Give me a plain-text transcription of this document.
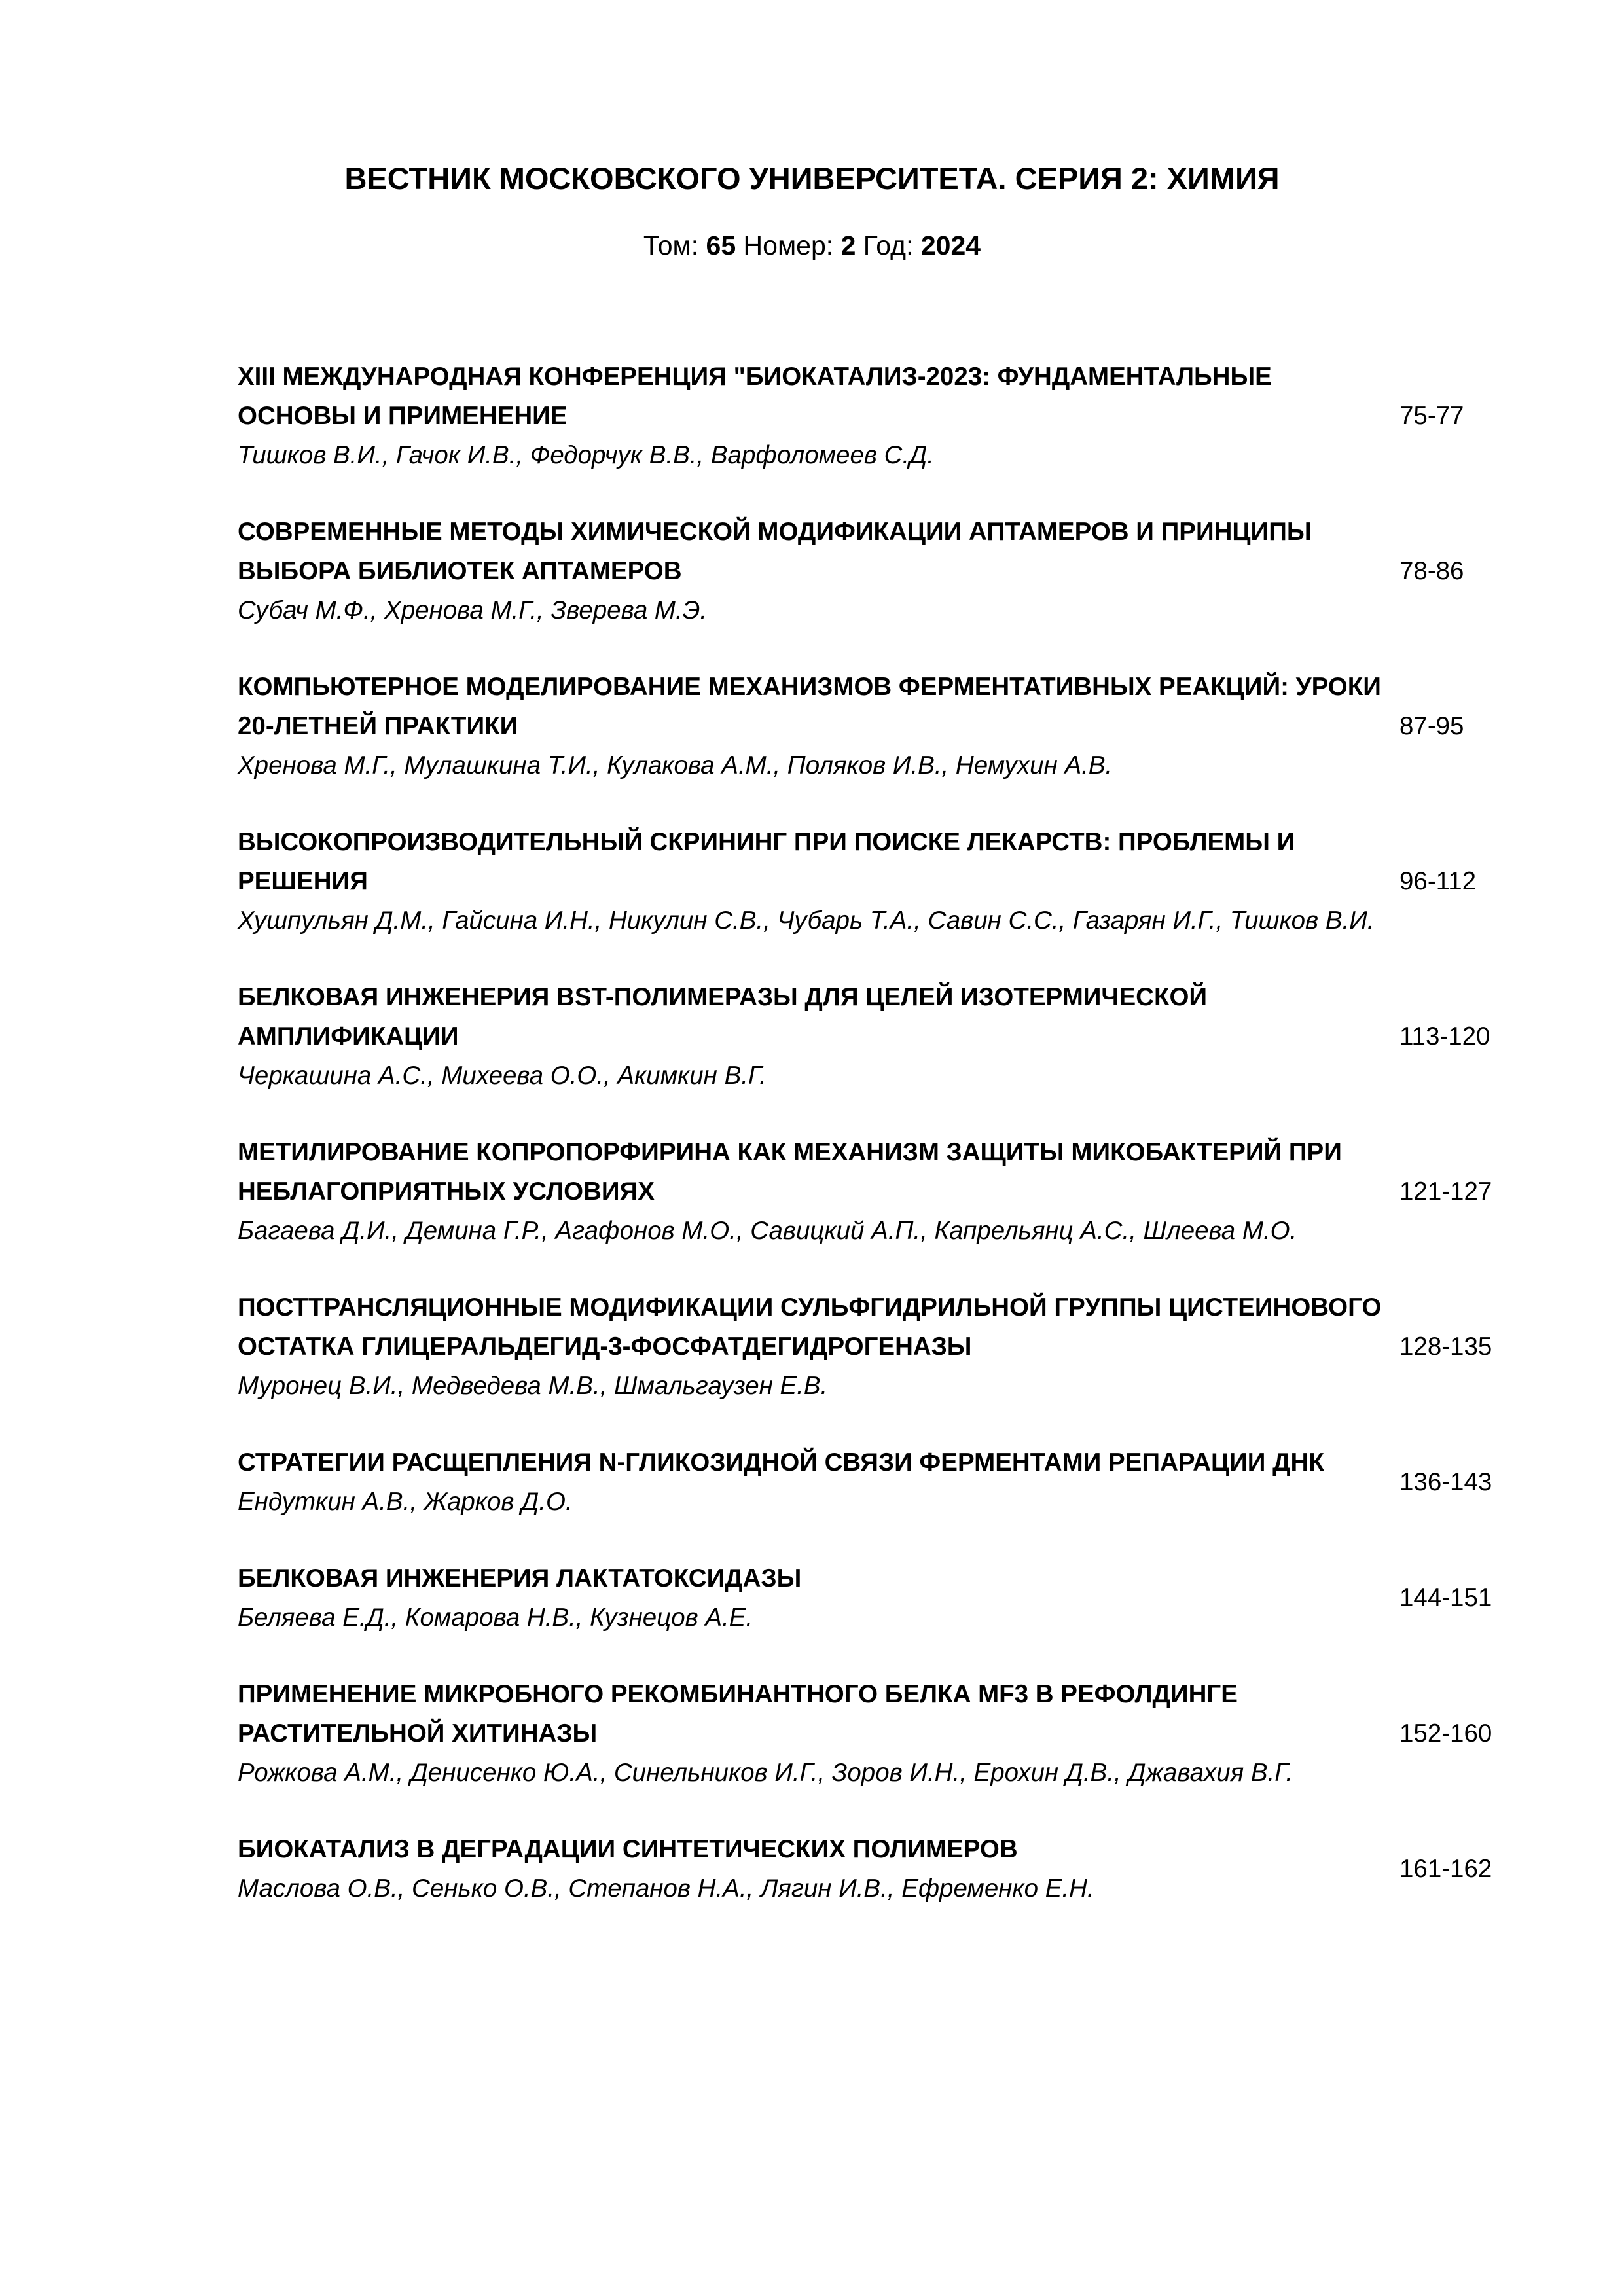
ВЕСТНИК МОСКОВСКОГО УНИВЕРСИТЕТА. СЕРИЯ 2: ХИМИЯ
Том: 65 Номер: 2 Год: 2024
XIII МЕЖДУНАРОДНАЯ КОНФЕРЕНЦИЯ "БИОКАТАЛИЗ-2023: ФУНДАМЕНТАЛЬНЫЕ ОСНОВЫ И ПРИМЕНЕНИЕ
Тишков В.И., Гачок И.В., Федорчук В.В., Варфоломеев С.Д.
75-77
СОВРЕМЕННЫЕ МЕТОДЫ ХИМИЧЕСКОЙ МОДИФИКАЦИИ АПТАМЕРОВ И ПРИНЦИПЫ ВЫБОРА БИБЛИОТЕК АПТАМЕРОВ
Субач М.Ф., Хренова М.Г., Зверева М.Э.
78-86
КОМПЬЮТЕРНОЕ МОДЕЛИРОВАНИЕ МЕХАНИЗМОВ ФЕРМЕНТАТИВНЫХ РЕАКЦИЙ: УРОКИ 20-ЛЕТНЕЙ ПРАКТИКИ
Хренова М.Г., Мулашкина Т.И., Кулакова А.М., Поляков И.В., Немухин А.В.
87-95
ВЫСОКОПРОИЗВОДИТЕЛЬНЫЙ СКРИНИНГ ПРИ ПОИСКЕ ЛЕКАРСТВ: ПРОБЛЕМЫ И РЕШЕНИЯ
Хушпульян Д.М., Гайсина И.Н., Никулин С.В., Чубарь Т.А., Савин С.С., Газарян И.Г., Тишков В.И.
96-112
БЕЛКОВАЯ ИНЖЕНЕРИЯ BST-ПОЛИМЕРАЗЫ ДЛЯ ЦЕЛЕЙ ИЗОТЕРМИЧЕСКОЙ АМПЛИФИКАЦИИ
Черкашина А.С., Михеева О.О., Акимкин В.Г.
113-120
МЕТИЛИРОВАНИЕ КОПРОПОРФИРИНА КАК МЕХАНИЗМ ЗАЩИТЫ МИКОБАКТЕРИЙ ПРИ НЕБЛАГОПРИЯТНЫХ УСЛОВИЯХ
Багаева Д.И., Демина Г.Р., Агафонов М.О., Савицкий А.П., Капрельянц А.С., Шлеева М.О.
121-127
ПОСТТРАНСЛЯЦИОННЫЕ МОДИФИКАЦИИ СУЛЬФГИДРИЛЬНОЙ ГРУППЫ ЦИСТЕИНОВОГО ОСТАТКА ГЛИЦЕРАЛЬДЕГИД-3-ФОСФАТДЕГИДРОГЕНАЗЫ
Муронец В.И., Медведева М.В., Шмальгаузен Е.В.
128-135
СТРАТЕГИИ РАСЩЕПЛЕНИЯ N-ГЛИКОЗИДНОЙ СВЯЗИ ФЕРМЕНТАМИ РЕПАРАЦИИ ДНК
Ендуткин А.В., Жарков Д.О.
136-143
БЕЛКОВАЯ ИНЖЕНЕРИЯ ЛАКТАТОКСИДАЗЫ
Беляева Е.Д., Комарова Н.В., Кузнецов А.Е.
144-151
ПРИМЕНЕНИЕ МИКРОБНОГО РЕКОМБИНАНТНОГО БЕЛКА MF3 В РЕФОЛДИНГЕ РАСТИТЕЛЬНОЙ ХИТИНАЗЫ
Рожкова А.М., Денисенко Ю.А., Синельников И.Г., Зоров И.Н., Ерохин Д.В., Джавахия В.Г.
152-160
БИОКАТАЛИЗ В ДЕГРАДАЦИИ СИНТЕТИЧЕСКИХ ПОЛИМЕРОВ
Маслова О.В., Сенько О.В., Степанов Н.А., Лягин И.В., Ефременко Е.Н.
161-162
